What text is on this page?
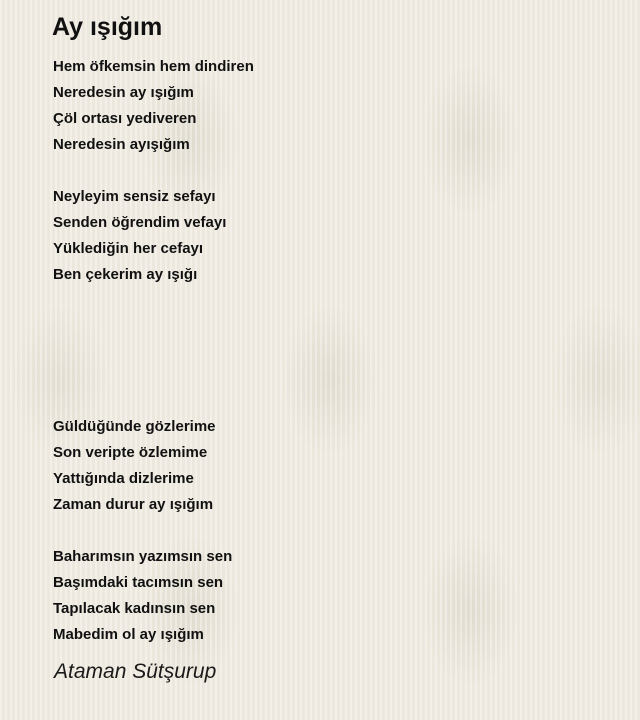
Ay ışığım
Hem öfkemsin hem dindiren
Neredesin ay ışığım
Çöl ortası yediveren
Neredesin ayışığım
Neyleyim sensiz sefayı
Senden öğrendim vefayı
Yüklediğin her cefayı
Ben çekerim ay ışığı
Güldüğünde gözlerime
Son veripte özlemime
Yattığında dizlerime
Zaman durur ay ışığım
Baharımsın yazımsın sen
Başımdaki tacımsın sen
Tapılacak kadınsın sen
Mabedim ol ay ışığım

Ataman Sütşurup
